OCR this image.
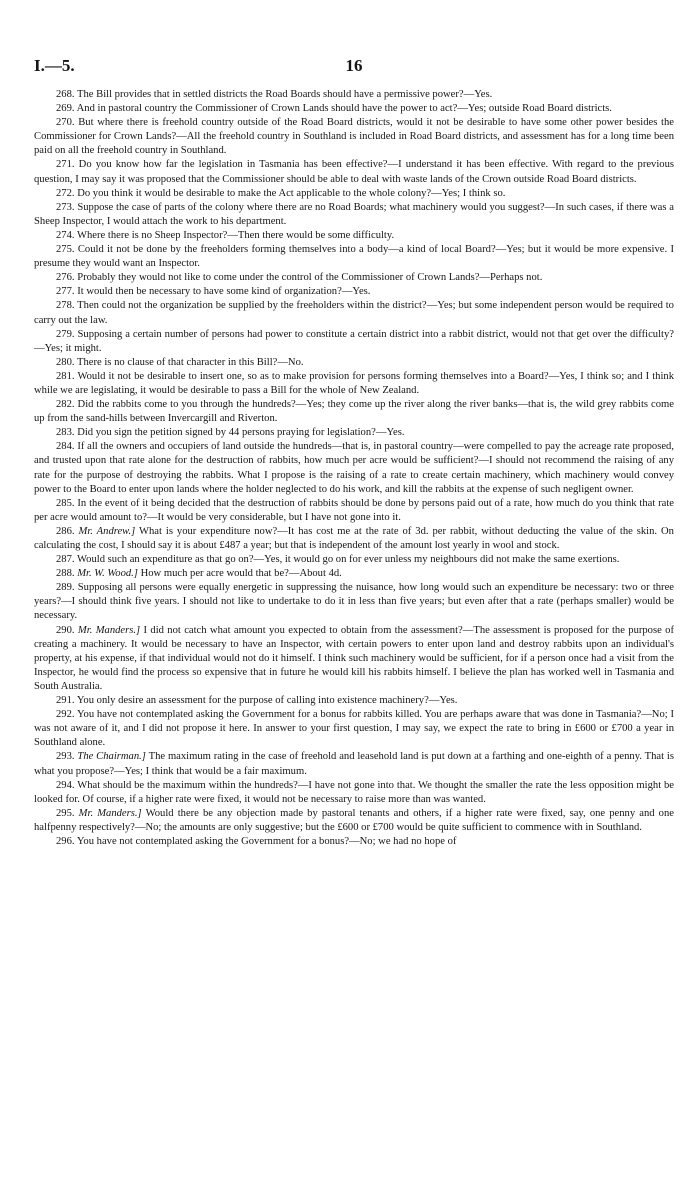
I.—5.	16

268. The Bill provides that in settled districts the Road Boards should have a permissive power?—Yes.

269. And in pastoral country the Commissioner of Crown Lands should have the power to act?—Yes; outside Road Board districts.

270. But where there is freehold country outside of the Road Board districts, would it not be desirable to have some other power besides the Commissioner for Crown Lands?—All the freehold country in Southland is included in Road Board districts, and assessment has for a long time been paid on all the freehold country in Southland.

271. Do you know how far the legislation in Tasmania has been effective?—I understand it has been effective. With regard to the previous question, I may say it was proposed that the Commissioner should be able to deal with waste lands of the Crown outside Road Board districts.

272. Do you think it would be desirable to make the Act applicable to the whole colony?—Yes; I think so.

273. Suppose the case of parts of the colony where there are no Road Boards; what machinery would you suggest?—In such cases, if there was a Sheep Inspector, I would attach the work to his department.

274. Where there is no Sheep Inspector?—Then there would be some difficulty.

275. Could it not be done by the freeholders forming themselves into a body—a kind of local Board?—Yes; but it would be more expensive. I presume they would want an Inspector.

276. Probably they would not like to come under the control of the Commissioner of Crown Lands?—Perhaps not.

277. It would then be necessary to have some kind of organization?—Yes.

278. Then could not the organization be supplied by the freeholders within the district?—Yes; but some independent person would be required to carry out the law.

279. Supposing a certain number of persons had power to constitute a certain district into a rabbit district, would not that get over the difficulty?—Yes; it might.

280. There is no clause of that character in this Bill?—No.

281. Would it not be desirable to insert one, so as to make provision for persons forming themselves into a Board?—Yes, I think so; and I think while we are legislating, it would be desirable to pass a Bill for the whole of New Zealand.

282. Did the rabbits come to you through the hundreds?—Yes; they come up the river along the river banks—that is, the wild grey rabbits come up from the sand-hills between Invercargill and Riverton.

283. Did you sign the petition signed by 44 persons praying for legislation?—Yes.

284. If all the owners and occupiers of land outside the hundreds—that is, in pastoral country—were compelled to pay the acreage rate proposed, and trusted upon that rate alone for the destruction of rabbits, how much per acre would be sufficient?—I should not recommend the raising of any rate for the purpose of destroying the rabbits. What I propose is the raising of a rate to create certain machinery, which machinery would convey power to the Board to enter upon lands where the holder neglected to do his work, and kill the rabbits at the expense of such negligent owner.

285. In the event of it being decided that the destruction of rabbits should be done by persons paid out of a rate, how much do you think that rate per acre would amount to?—It would be very considerable, but I have not gone into it.

286. Mr. Andrew.] What is your expenditure now?—It has cost me at the rate of 3d. per rabbit, without deducting the value of the skin. On calculating the cost, I should say it is about £487 a year; but that is independent of the amount lost yearly in wool and stock.

287. Would such an expenditure as that go on?—Yes, it would go on for ever unless my neighbours did not make the same exertions.

288. Mr. W. Wood.] How much per acre would that be?—About 4d.

289. Supposing all persons were equally energetic in suppressing the nuisance, how long would such an expenditure be necessary: two or three years?—I should think five years. I should not like to undertake to do it in less than five years; but even after that a rate (perhaps smaller) would be necessary.

290. Mr. Manders.] I did not catch what amount you expected to obtain from the assessment?—The assessment is proposed for the purpose of creating a machinery. It would be necessary to have an Inspector, with certain powers to enter upon land and destroy rabbits upon an individual's property, at his expense, if that individual would not do it himself. I think such machinery would be sufficient, for if a person once had a visit from the Inspector, he would find the process so expensive that in future he would kill his rabbits himself. I believe the plan has worked well in Tasmania and South Australia.

291. You only desire an assessment for the purpose of calling into existence machinery?—Yes.

292. You have not contemplated asking the Government for a bonus for rabbits killed. You are perhaps aware that was done in Tasmania?—No; I was not aware of it, and I did not propose it here. In answer to your first question, I may say, we expect the rate to bring in £600 or £700 a year in Southland alone.

293. The Chairman.] The maximum rating in the case of freehold and leasehold land is put down at a farthing and one-eighth of a penny. That is what you propose?—Yes; I think that would be a fair maximum.

294. What should be the maximum within the hundreds?—I have not gone into that. We thought the smaller the rate the less opposition might be looked for. Of course, if a higher rate were fixed, it would not be necessary to raise more than was wanted.

295. Mr. Manders.] Would there be any objection made by pastoral tenants and others, if a higher rate were fixed, say, one penny and one halfpenny respectively?—No; the amounts are only suggestive; but the £600 or £700 would be quite sufficient to commence with in Southland.

296. You have not contemplated asking the Government for a bonus?—No; we had no hope of
